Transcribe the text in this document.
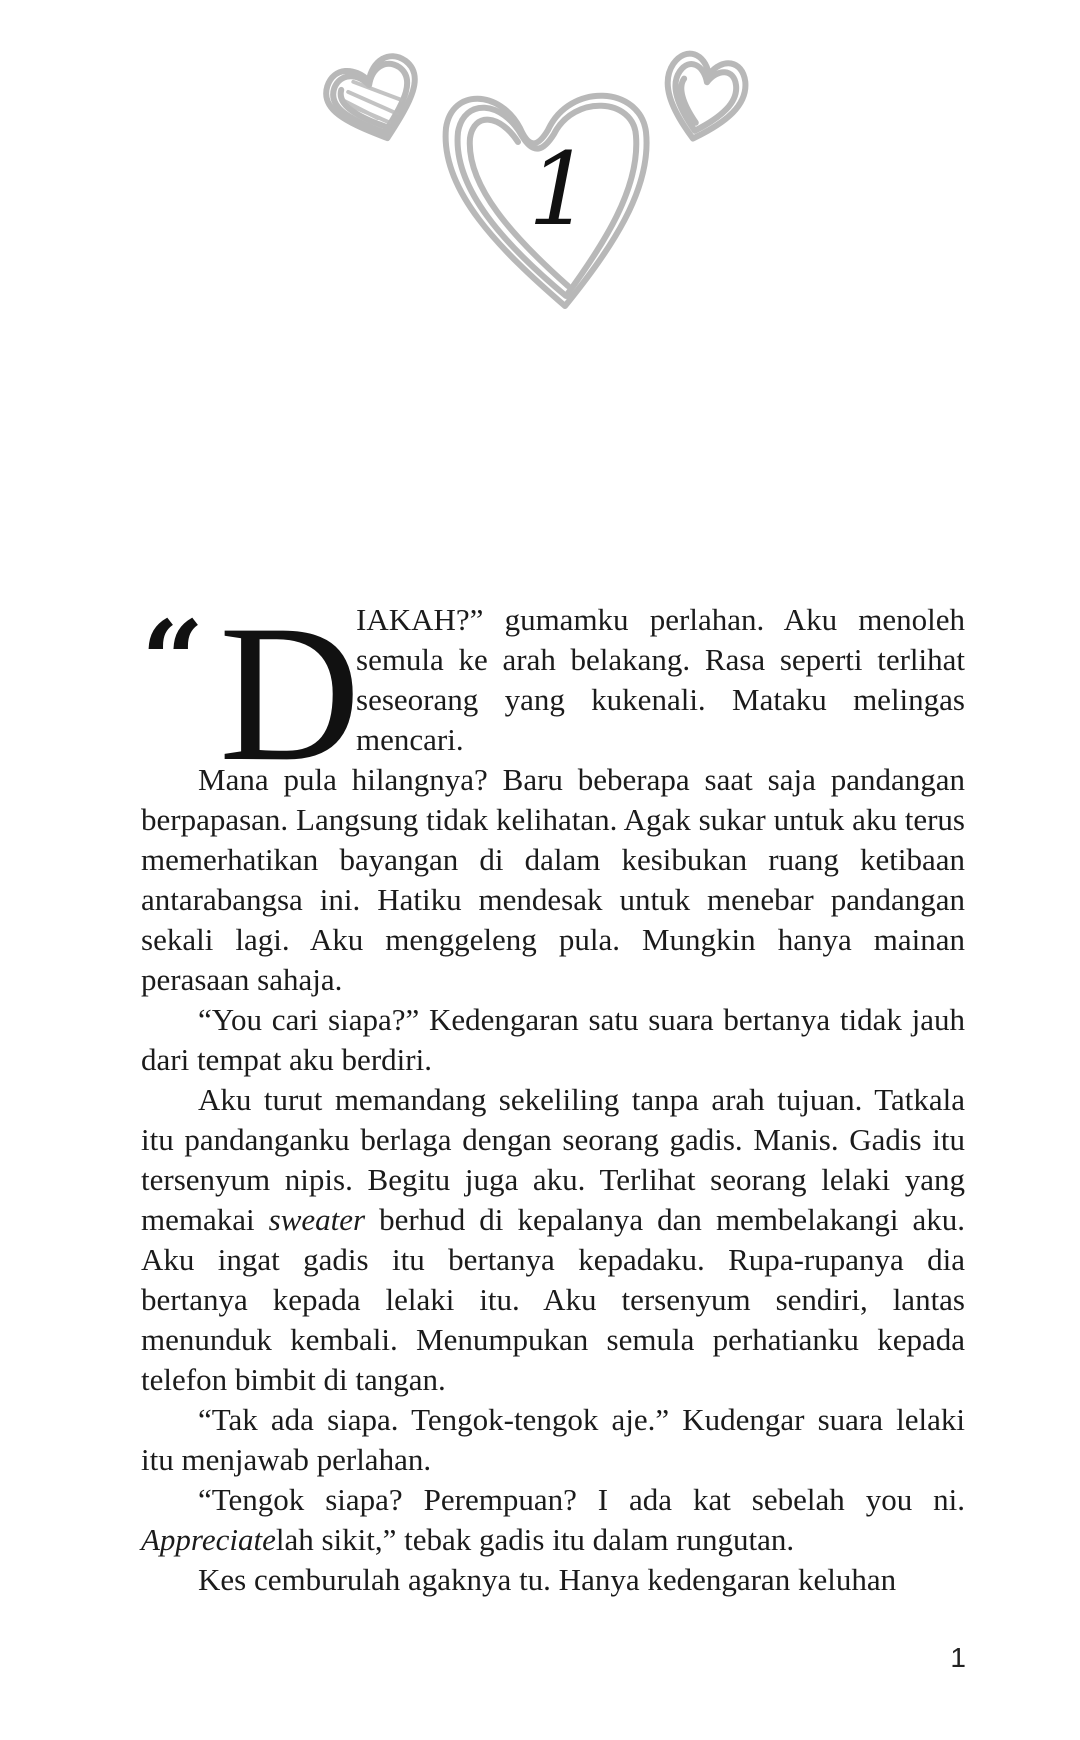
1
“ D
IAKAH?” gumamku perlahan. Aku menoleh semula ke arah belakang. Rasa seperti terlihat seseorang yang kukenali. Mataku melingas mencari.

Mana pula hilangnya? Baru beberapa saat saja pandangan berpapasan. Langsung tidak kelihatan. Agak sukar untuk aku terus memerhatikan bayangan di dalam kesibukan ruang ketibaan antarabangsa ini. Hatiku mendesak untuk menebar pandangan sekali lagi. Aku menggeleng pula. Mungkin hanya mainan perasaan sahaja.

“You cari siapa?” Kedengaran satu suara bertanya tidak jauh dari tempat aku berdiri.

Aku turut memandang sekeliling tanpa arah tujuan. Tatkala itu pandanganku berlaga dengan seorang gadis. Manis. Gadis itu tersenyum nipis. Begitu juga aku. Terlihat seorang lelaki yang memakai sweater berhud di kepalanya dan membelakangi aku. Aku ingat gadis itu bertanya kepadaku. Rupa-rupanya dia bertanya kepada lelaki itu. Aku tersenyum sendiri, lantas menunduk kembali. Menumpukan semula perhatianku kepada telefon bimbit di tangan.

“Tak ada siapa. Tengok-tengok aje.” Kudengar suara lelaki itu menjawab perlahan.

“Tengok siapa? Perempuan? I ada kat sebelah you ni. Appreciatelah sikit,” tebak gadis itu dalam rungutan.

Kes cemburulah agaknya tu. Hanya kedengaran keluhan

1
